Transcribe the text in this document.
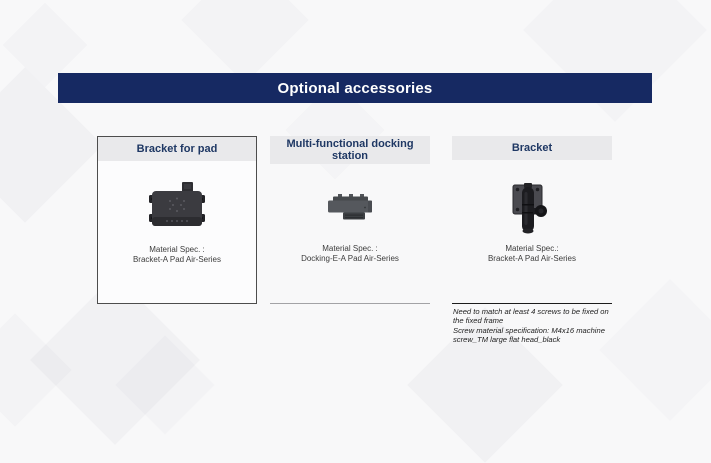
Optional accessories
Bracket for pad
Material Spec. :
Bracket-A Pad Air-Series
Multi-functional docking station
Material Spec. :
Docking-E-A Pad Air-Series
Bracket
Material Spec.:
Bracket-A Pad Air-Series

Need to match at least 4 screws to be fixed on the fixed frame

Screw material specification: M4x16 machine screw_TM large flat head_black
